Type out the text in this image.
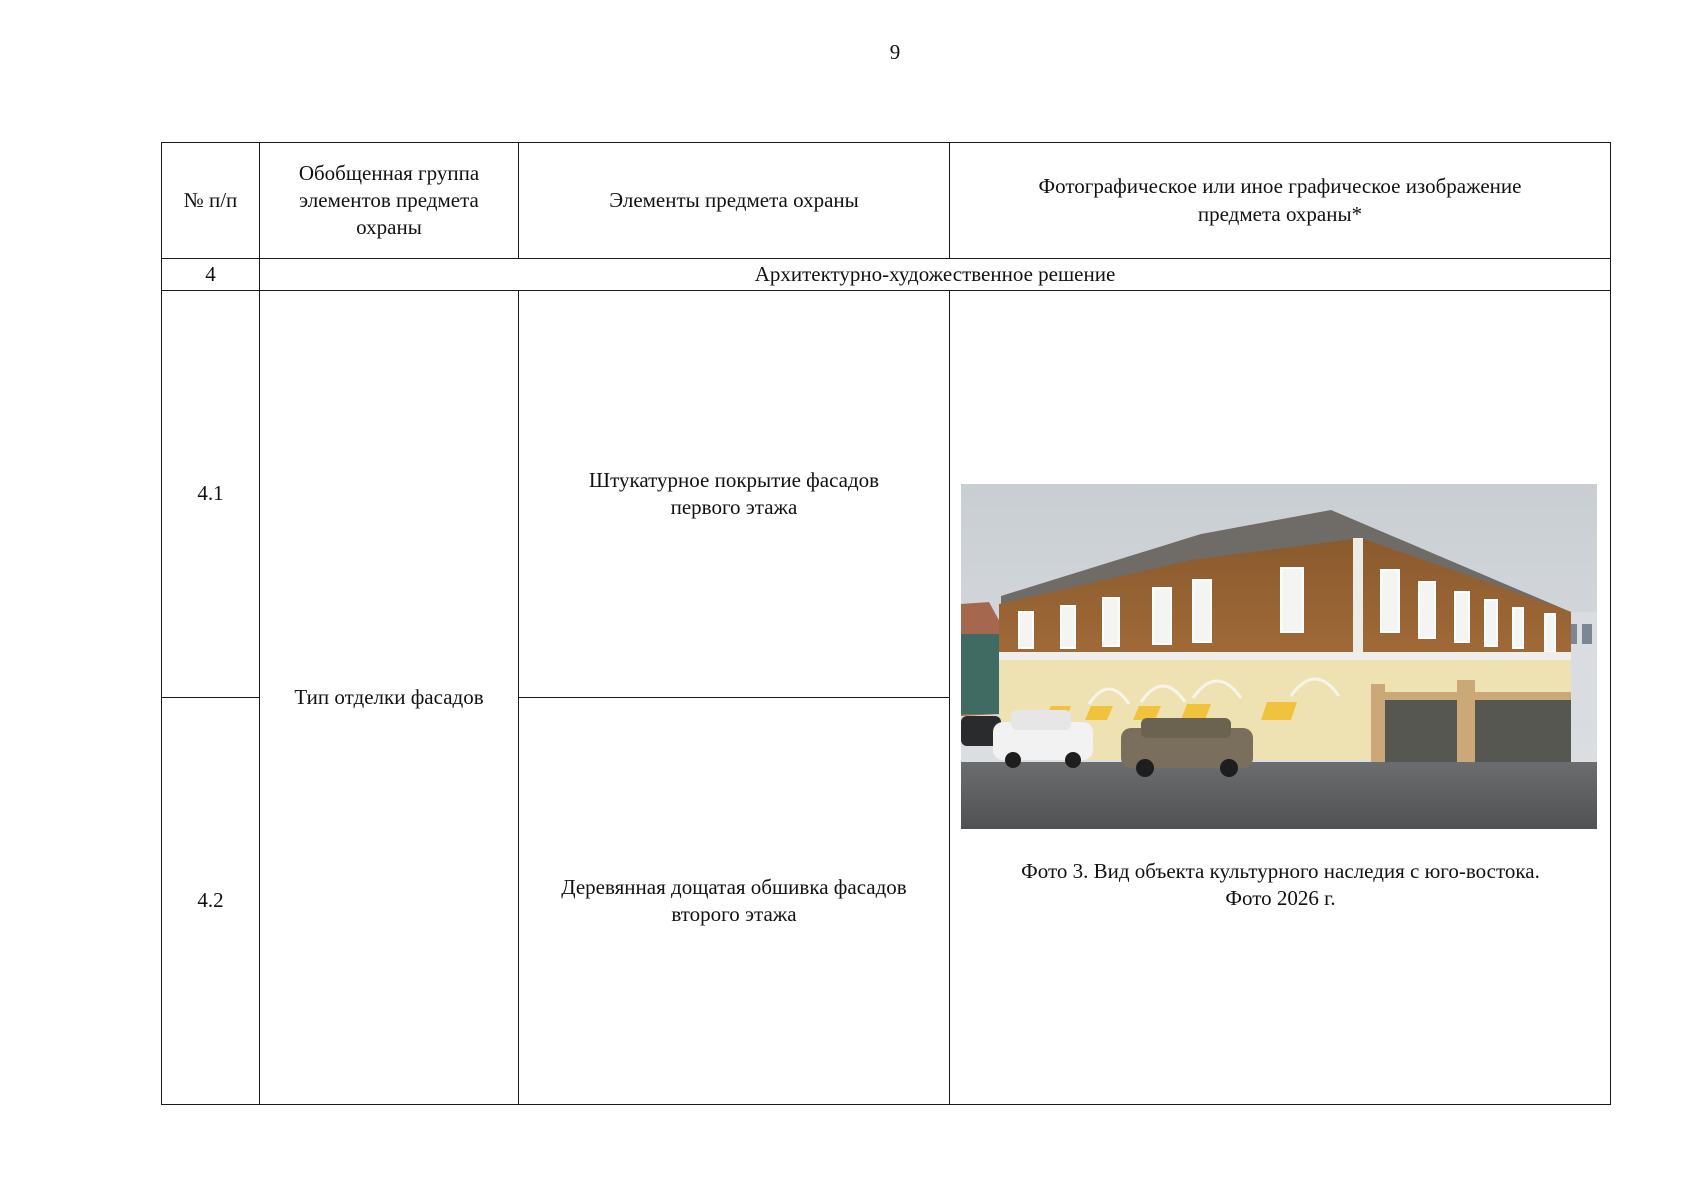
9
№ п/п	Обобщенная группа
элементов предмета
охраны	Элементы предмета охраны	Фотографическое или иное графическое изображение
предмета охраны*

4	Архитектурно-художественное решение		
4.1	Тип отделки фасадов	Штукатурное покрытие фасадов
первого этажа	Фото 3. Вид объекта культурного наследия с юго-востока.
Фото 2026 г.

4.2		Деревянная дощатая обшивка фасадов
второго этажа	
